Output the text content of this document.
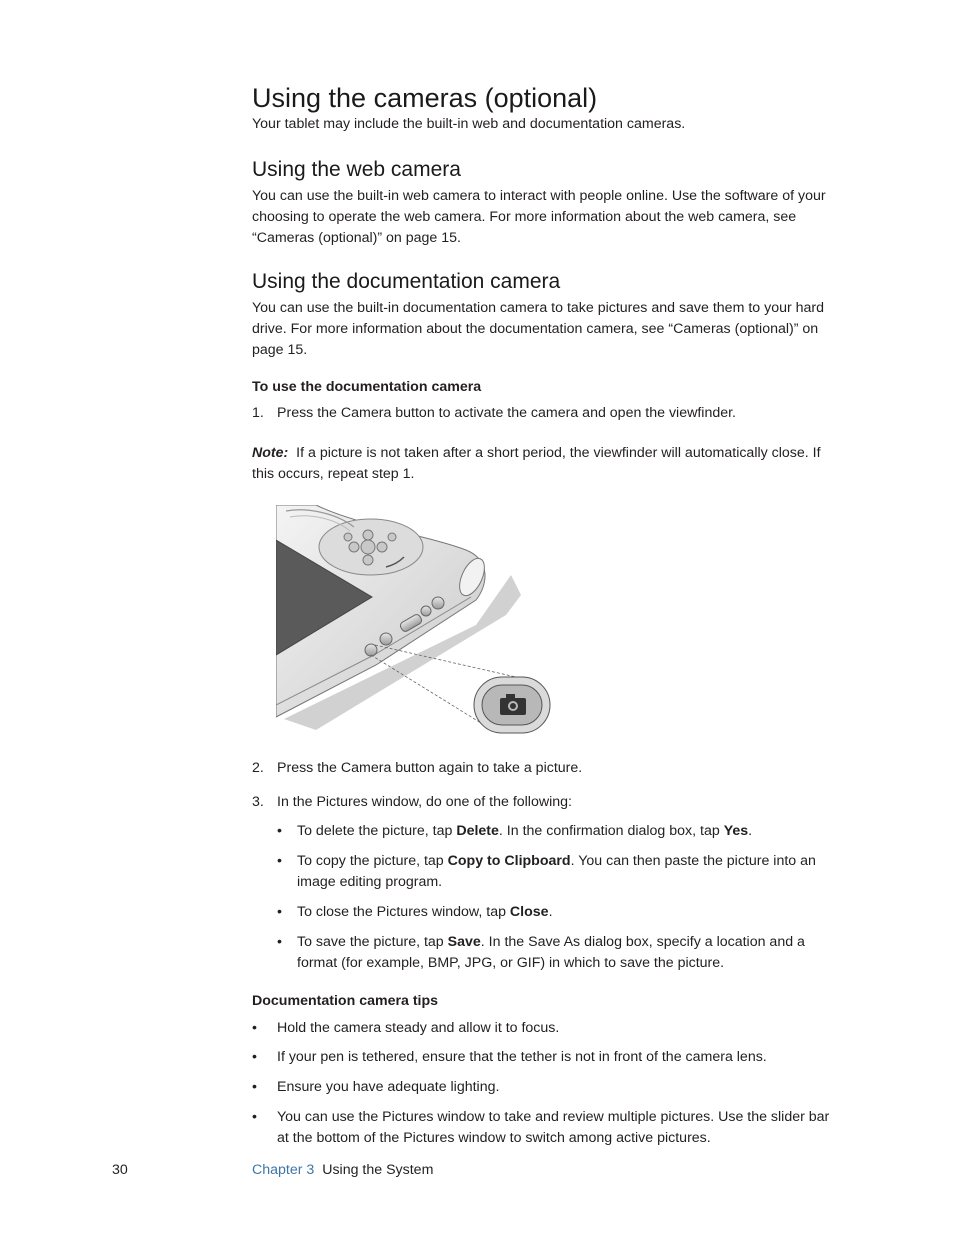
Using the cameras (optional)
Your tablet may include the built-in web and documentation cameras.
Using the web camera
You can use the built-in web camera to interact with people online. Use the software of your choosing to operate the web camera. For more information about the web camera, see “Cameras (optional)” on page 15.
Using the documentation camera
You can use the built-in documentation camera to take pictures and save them to your hard drive. For more information about the documentation camera, see “Cameras (optional)” on page 15.
To use the documentation camera
1. Press the Camera button to activate the camera and open the viewfinder.
Note: If a picture is not taken after a short period, the viewfinder will automatically close. If this occurs, repeat step 1.
2. Press the Camera button again to take a picture.
3. In the Pictures window, do one of the following:
• To delete the picture, tap Delete. In the confirmation dialog box, tap Yes.
• To copy the picture, tap Copy to Clipboard. You can then paste the picture into an image editing program.
• To close the Pictures window, tap Close.
• To save the picture, tap Save. In the Save As dialog box, specify a location and a format (for example, BMP, JPG, or GIF) in which to save the picture.
Documentation camera tips
• Hold the camera steady and allow it to focus.
• If your pen is tethered, ensure that the tether is not in front of the camera lens.
• Ensure you have adequate lighting.
• You can use the Pictures window to take and review multiple pictures. Use the slider bar at the bottom of the Pictures window to switch among active pictures.
30	Chapter 3 Using the System
